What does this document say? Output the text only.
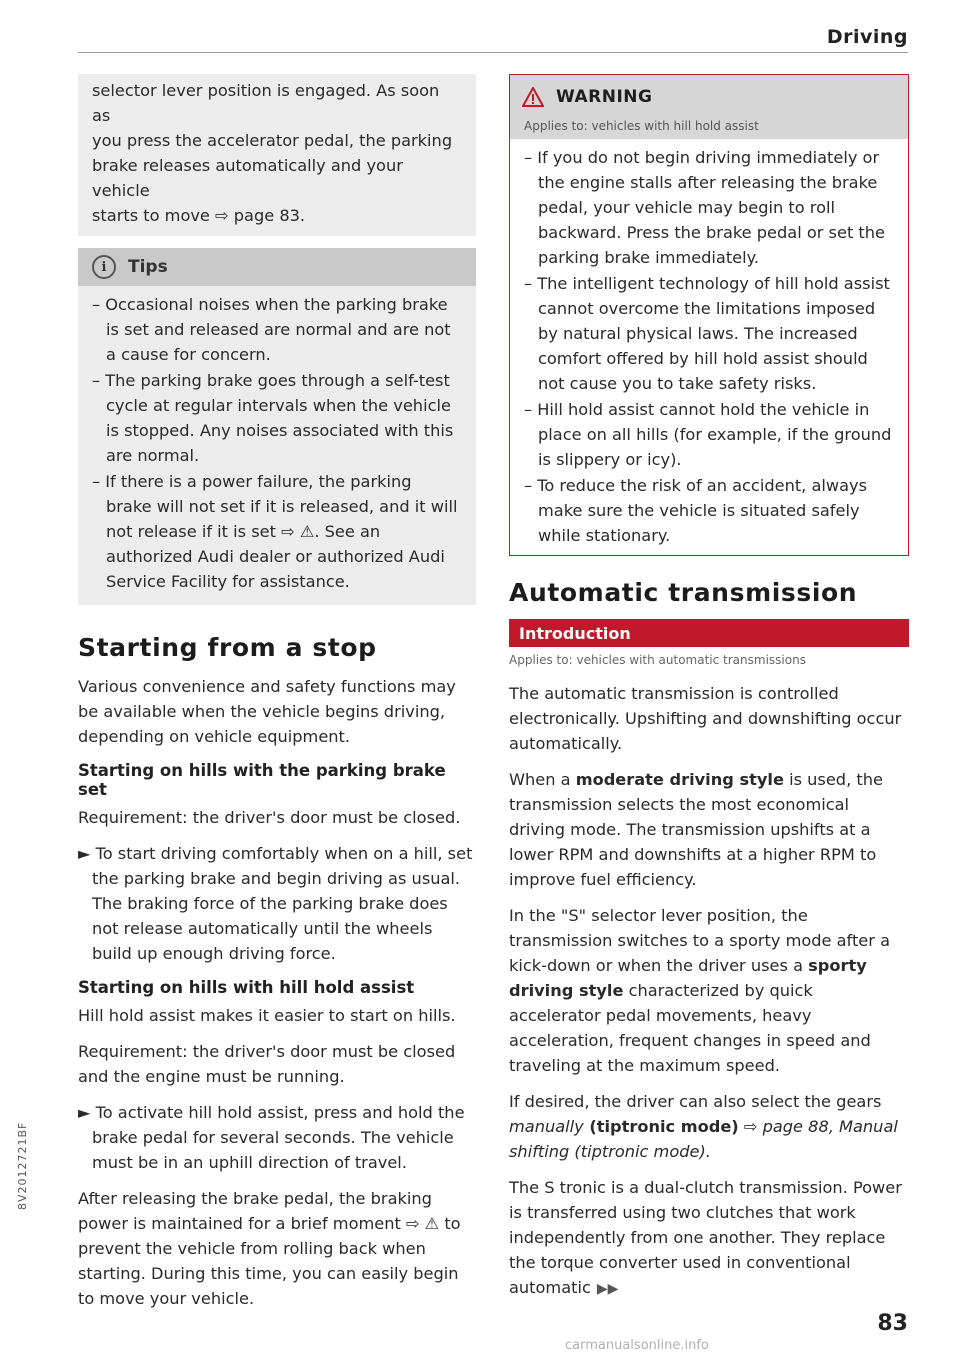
Driving

selector lever position is engaged. As soon as

you press the accelerator pedal, the parking

brake releases automatically and your vehicle

starts to move ⇨ page 83.

i	Tips

– Occasional noises when the parking brake is set and released are normal and are not a cause for concern.

– The parking brake goes through a self-test cycle at regular intervals when the vehicle is stopped. Any noises associated with this are normal.

– If there is a power failure, the parking brake will not set if it is released, and it will not release if it is set ⇨ ⚠. See an authorized Audi dealer or authorized Audi Service Facility for assistance.

Starting from a stop

Various convenience and safety functions may be available when the vehicle begins driving, depending on vehicle equipment.

Starting on hills with the parking brake set

Requirement: the driver's door must be closed.

► To start driving comfortably when on a hill, set the parking brake and begin driving as usual. The braking force of the parking brake does not release automatically until the wheels build up enough driving force.

Starting on hills with hill hold assist

Hill hold assist makes it easier to start on hills.

Requirement: the driver's door must be closed and the engine must be running.

► To activate hill hold assist, press and hold the brake pedal for several seconds. The vehicle must be in an uphill direction of travel.

After releasing the brake pedal, the braking power is maintained for a brief moment ⇨ ⚠ to prevent the vehicle from rolling back when starting. During this time, you can easily begin to move your vehicle.

WARNING
Applies to: vehicles with hill hold assist

– If you do not begin driving immediately or the engine stalls after releasing the brake pedal, your vehicle may begin to roll backward. Press the brake pedal or set the parking brake immediately.

– The intelligent technology of hill hold assist cannot overcome the limitations imposed by natural physical laws. The increased comfort offered by hill hold assist should not cause you to take safety risks.

– Hill hold assist cannot hold the vehicle in place on all hills (for example, if the ground is slippery or icy).

– To reduce the risk of an accident, always make sure the vehicle is situated safely while stationary.

Automatic transmission
Introduction
Applies to: vehicles with automatic transmissions

The automatic transmission is controlled electronically. Upshifting and downshifting occur automatically.

When a moderate driving style is used, the transmission selects the most economical driving mode. The transmission upshifts at a lower RPM and downshifts at a higher RPM to improve fuel efficiency.

In the "S" selector lever position, the transmission switches to a sporty mode after a kick-down or when the driver uses a sporty driving style characterized by quick accelerator pedal movements, heavy acceleration, frequent changes in speed and traveling at the maximum speed.

If desired, the driver can also select the gears manually (tiptronic mode) ⇨ page 88, Manual shifting (tiptronic mode).

The S tronic is a dual-clutch transmission. Power is transferred using two clutches that work independently from one another. They replace the torque converter used in conventional automatic ▶▶

8V2012721BF
83
carmanualsonline.info
